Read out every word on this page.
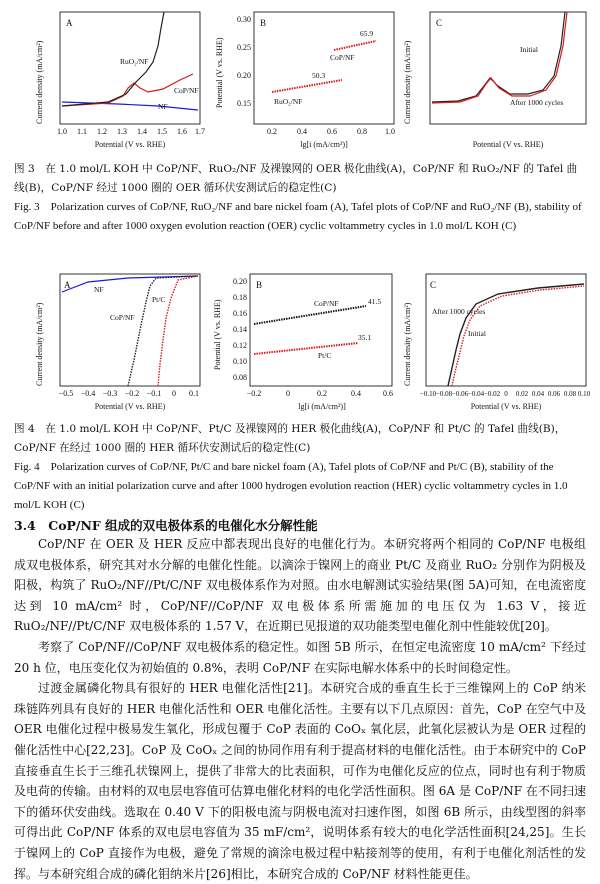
Current density (mA/cm²)
A
1.0 1.1 1.2 1.3 1.4 1.5 1.6 1.7
Potential (V vs. RHE)
RuO₂/NF
CoP/NF
NF	Potential (V vs. RHE)
B
0.15
0.20
0.25
0.30
0.2	0.4	0.6	0.8 1.0
lg[i (mA/cm²)]
CoP/NF
65.9
RuO₂/NF
50.3	Current density (mA/cm²)
C
Potential (V vs. RHE)
Initial
After 1000 cycles
图 3　在 1.0 mol/L KOH 中 CoP/NF、RuO₂/NF 及裸镍网的 OER 极化曲线(A)，CoP/NF 和 RuO₂/NF 的 Tafel 曲线(B)，CoP/NF 经过 1000 圈的 OER 循环伏安测试后的稳定性(C)
Fig. 3　Polarization curves of CoP/NF, RuO₂/NF and bare nickel foam (A), Tafel plots of CoP/NF and RuO₂/NF (B), stability of CoP/NF before and after 1000 oxygen evolution reaction (OER) cyclic voltammetry cycles in 1.0 mol/L KOH (C)
Current density (mA/cm²)
A
−0.5 −0.4 −0.3 −0.2 −0.1 0 0.1
Potential (V vs. RHE)
NF
Pt/C
CoP/NF	Potential (V vs. RHE)
B
0.08
0.10
0.12
0.14
0.16
0.18
0.20
−0.2	0	0.2	0.4	0.6
lg[i (mA/cm²)]
CoP/NF	41.5
Pt/C
35.1	Current density (mA/cm²)
C
−0.10 −0.08 −0.06 −0.04 −0.02 0 0.02 0.04 0.06 0.08 0.10
Potential (V vs. RHE)
After 1000 cycles
Initial
图 4　在 1.0 mol/L KOH 中 CoP/NF、Pt/C 及裸镍网的 HER 极化曲线(A)，CoP/NF 和 Pt/C 的 Tafel 曲线(B)，CoP/NF 在经过 1000 圈的 HER 循环伏安测试后的稳定性(C)
Fig. 4　Polarization curves of CoP/NF, Pt/C and bare nickel foam (A), Tafel plots of CoP/NF and Pt/C (B), stability of the CoP/NF with an initial polarization curve and after 1000 hydrogen evolution reaction (HER) cyclic voltammetry cycles in 1.0 mol/L KOH (C)
3.4　CoP/NF 组成的双电极体系的电催化水分解性能

CoP/NF 在 OER 及 HER 反应中都表现出良好的电催化行为。本研究将两个相同的 CoP/NF 电极组成双电极体系，研究其对水分解的电催化性能。以滴涂于镍网上的商业 Pt/C 及商业 RuO₂ 分别作为阴极及阳极，构筑了 RuO₂/NF//Pt/C/NF 双电极体系作为对照。由水电解测试实验结果(图 5A)可知，在电流密度达到 10 mA/cm² 时，CoP/NF//CoP/NF 双电极体系所需施加的电压仅为 1.63 V，接近 RuO₂/NF//Pt/C/NF 双电极体系的 1.57 V，在近期已见报道的双功能类型电催化剂中性能较优[20]。

考察了 CoP/NF//CoP/NF 双电极体系的稳定性。如图 5B 所示，在恒定电流密度 10 mA/cm² 下经过 20 h 位，电压变化仅为初始值的 0.8%，表明 CoP/NF 在实际电解水体系中的长时间稳定性。

过渡金属磷化物具有很好的 HER 电催化活性[21]。本研究合成的垂直生长于三维镍网上的 CoP 纳米珠链阵列具有良好的 HER 电催化活性和 OER 电催化活性。主要有以下几点原因：首先，CoP 在空气中及 OER 电催化过程中极易发生氧化，形成包覆于 CoP 表面的 CoOₓ 氧化层，此氧化层被认为是 OER 过程的催化活性中心[22,23]。CoP 及 CoOₓ 之间的协同作用有利于提高材料的电催化活性。由于本研究中的 CoP 直接垂直生长于三维孔状镍网上，提供了非常大的比表面积，可作为电催化反应的位点，同时也有利于物质及电荷的传输。由材料的双电层电容值可估算电催化材料的电化学活性面积。图 6A 是 CoP/NF 在不同扫速下的循环伏安曲线。选取在 0.40 V 下的阳极电流与阴极电流对扫速作图，如图 6B 所示，由线型图的斜率可得出此 CoP/NF 体系的双电层电容值为 35 mF/cm²，说明体系有较大的电化学活性面积[24,25]。生长于镍网上的 CoP 直接作为电极，避免了常规的滴涂电极过程中粘接剂等的使用，有利于电催化剂活性的发挥。与本研究组合成的磷化钼纳米片[26]相比，本研究合成的 CoP/NF 材料性能更佳。
